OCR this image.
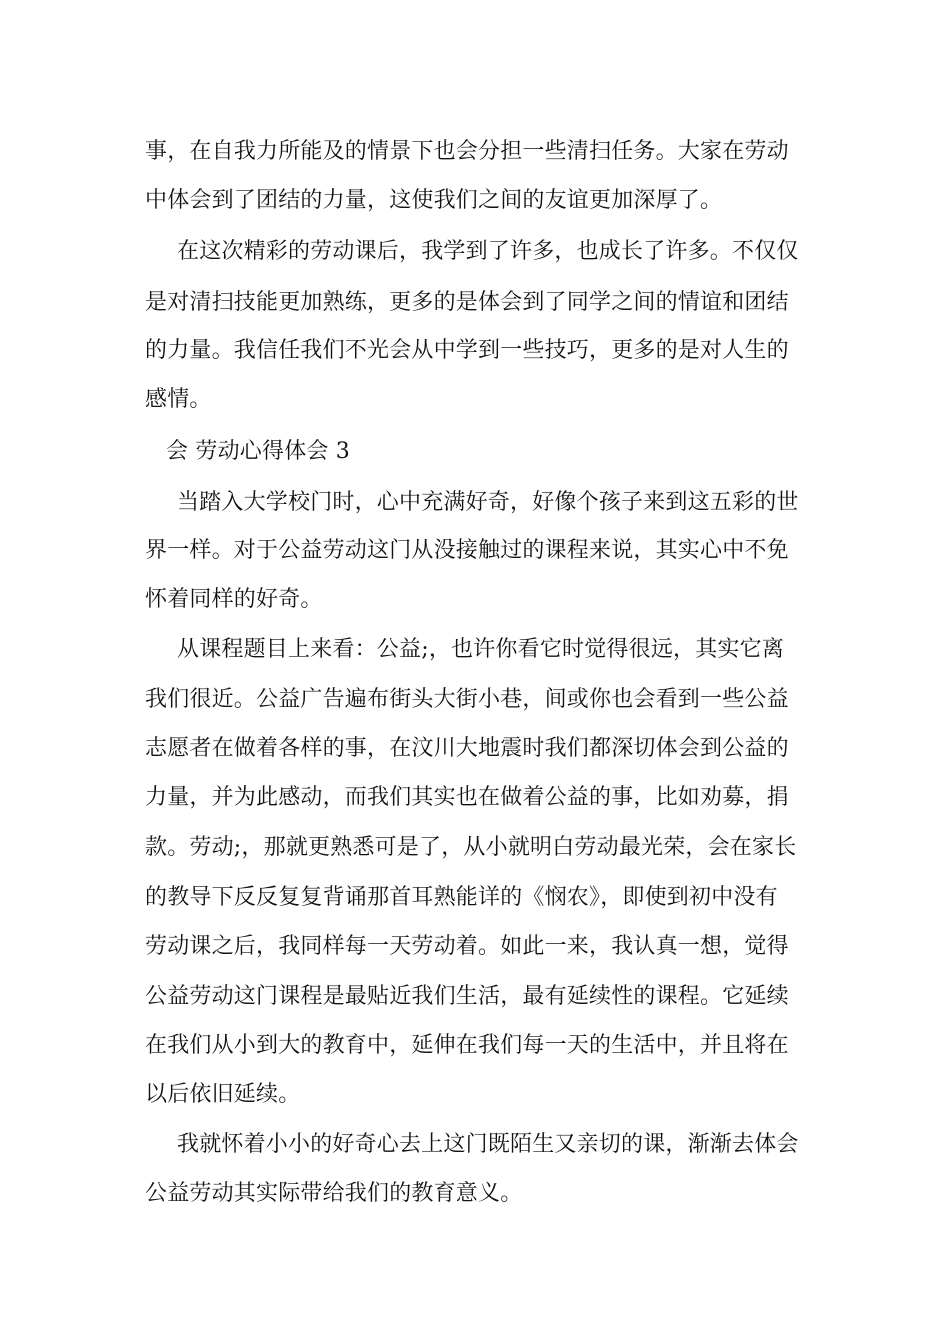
事，在自我力所能及的情景下也会分担一些清扫任务。大家在劳动
中体会到了团结的力量，这使我们之间的友谊更加深厚了。
在这次精彩的劳动课后，我学到了许多，也成长了许多。不仅仅
是对清扫技能更加熟练，更多的是体会到了同学之间的情谊和团结
的力量。我信任我们不光会从中学到一些技巧，更多的是对人生的
感情。
会 劳动心得体会 3
当踏入大学校门时，心中充满好奇，好像个孩子来到这五彩的世
界一样。对于公益劳动这门从没接触过的课程来说，其实心中不免
怀着同样的好奇。
从课程题目上来看：公益;，也许你看它时觉得很远，其实它离
我们很近。公益广告遍布街头大街小巷，间或你也会看到一些公益
志愿者在做着各样的事，在汶川大地震时我们都深切体会到公益的
力量，并为此感动，而我们其实也在做着公益的事，比如劝募，捐
款。劳动;，那就更熟悉可是了，从小就明白劳动最光荣，会在家长
的教导下反反复复背诵那首耳熟能详的《悯农》，即使到初中没有
劳动课之后，我同样每一天劳动着。如此一来，我认真一想，觉得
公益劳动这门课程是最贴近我们生活，最有延续性的课程。它延续
在我们从小到大的教育中，延伸在我们每一天的生活中，并且将在
以后依旧延续。
我就怀着小小的好奇心去上这门既陌生又亲切的课，渐渐去体会
公益劳动其实际带给我们的教育意义。
